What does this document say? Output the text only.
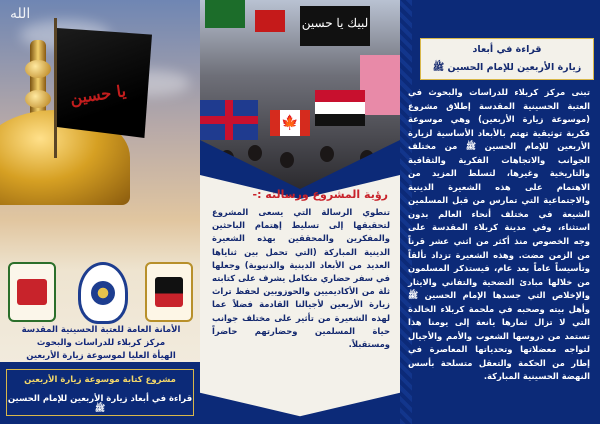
الله
يا حسين
الأمانة العامة للعتبة الحسينية المقدسة
مركز كربلاء للدراسات والبحوث
الهيأة العليا لموسوعة زيارة الأربعين
مشروع كتابة موسوعة زيارة الأربعين
قراءة في أبعاد زيارة الأربعين للإمام الحسين ﷺ
لبيك يا حسين
🍁
رؤية المشروع ورسالته :-
تنطوي الرسالة التي يسعى المشروع لتحقيقها إلى تسليط إهتمام الباحثين والمفكرين والمحققين بهذه الشعيرة الدينية المباركة (التي تحمل بين ثناياها العديد من الأبعاد الدينية والدنيوية) وجعلها في سفر حضاري متكامل يشرف على كتابته ثلة من الأكاديميين والحوزويين لحفظ تراث زيارة الأربعين لأجيالنا القادمة فضلاً عما لهذه الشعيرة من تأثير على مختلف جوانب حياة المسلمين وحضارتهم حاضراً ومستقبلاً.
قراءة في أبعاد
زيارة الأربعين للإمام الحسين ﷺ
تبنى مركز كربلاء للدراسات والبحوث في العتبة الحسينية المقدسة إطلاق مشروع (موسوعة زيارة الأربعين) وهي موسوعة فكرية توثيقية تهتم بالأبعاد الأساسية لزيارة الأربعين للإمام الحسين ﷺ من مختلف الجوانب والاتجاهات الفكرية والثقافية والتاريخية وغيرها، لتسلط المزيد من الاهتمام على هذه الشعيرة الدينية والاجتماعية التي تمارس من قبل المسلمين الشيعة في مختلف أنحاء العالم بدون استثناء، وفي مدينة كربلاء المقدسة على وجه الخصوص منذ أكثر من اثني عشر قرناً من الزمن مضت. وهذه الشعيرة تزداد تألقاً وتأسيساً عاماً بعد عام، فيستذكر المسلمون من خلالها مبادئ التضحية والتفاني والايثار والإخلاص التي جسدها الإمام الحسين ﷺ وأهل بيته وصحبه في ملحمة كربلاء الخالدة التي لا تزال ثمارها يانعة إلى يومنا هذا تستمد من دروسها الشعوب والأمم والأجيال لتواجه معضلاتها وتحدياتها المعاصرة في إطار من الحكمة والتعقل متسلحة بأسس النهضة الحسينية المباركة.
